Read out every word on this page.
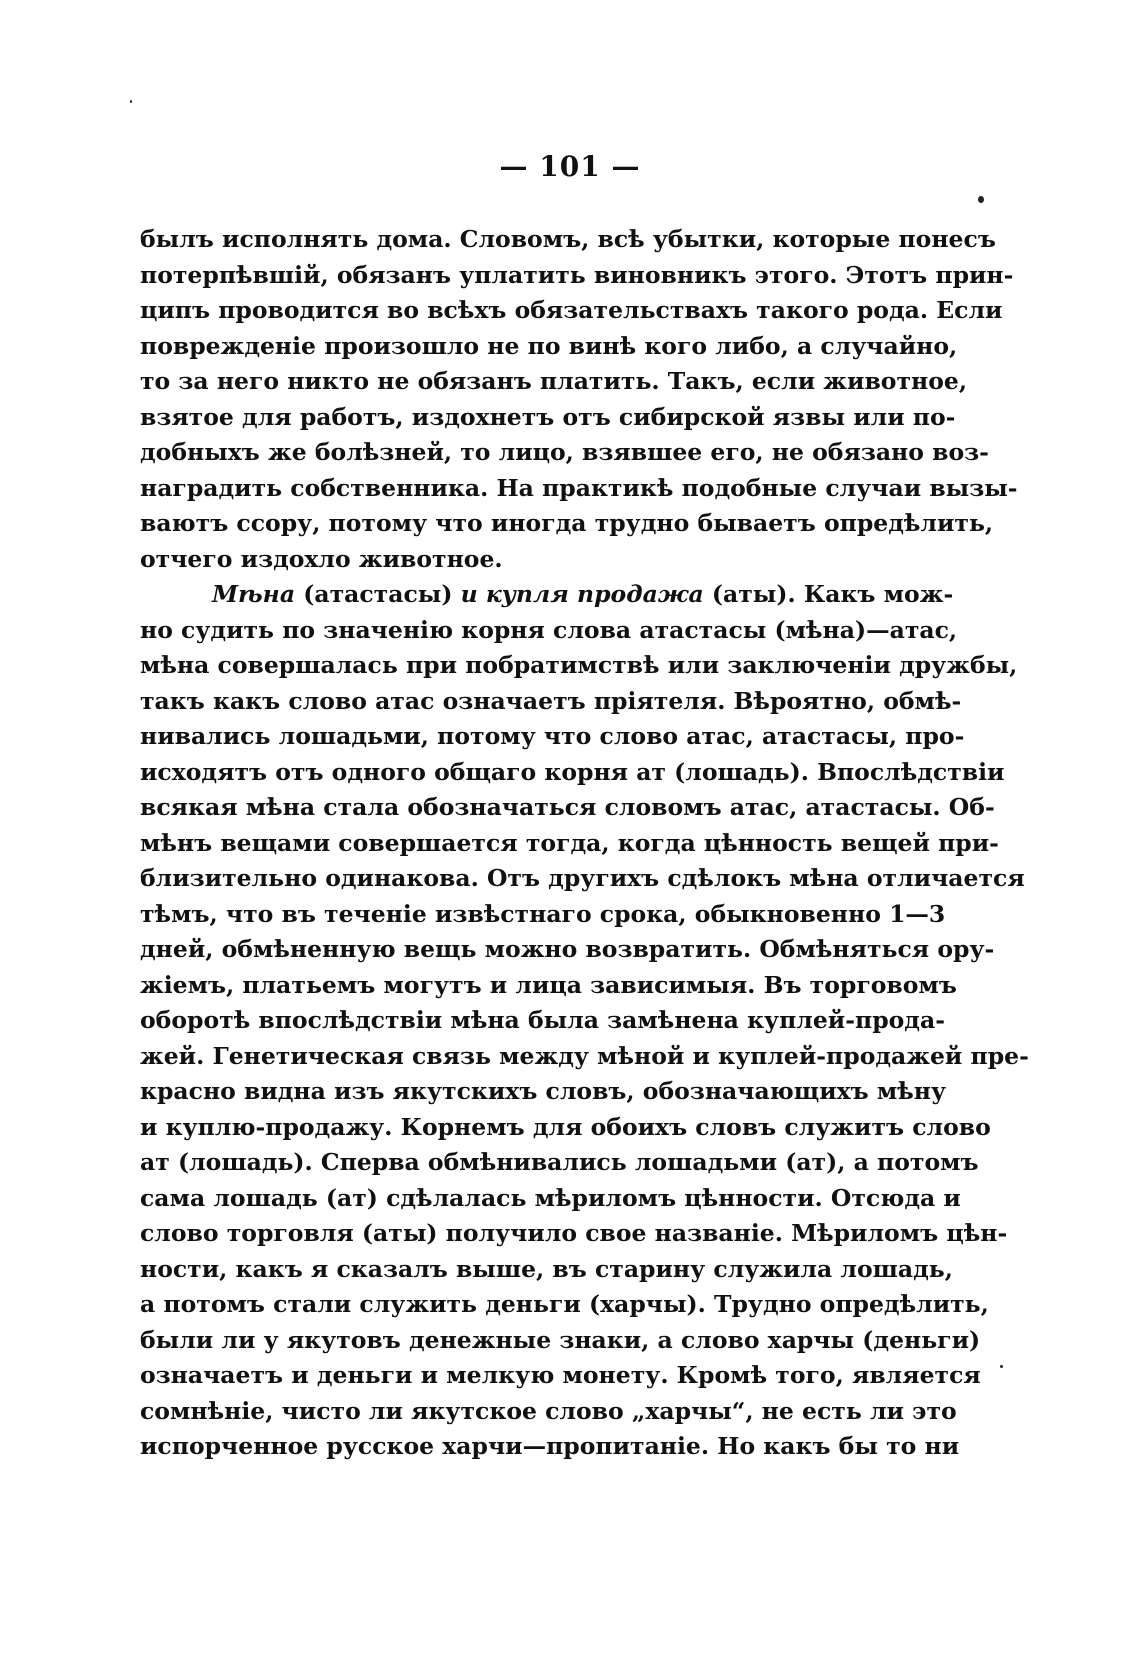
— 101 —
былъ исполнять дома. Словомъ, всѣ убытки, которые понесъ
потерпѣвшій, обязанъ уплатить виновникъ этого. Этотъ прин-
ципъ проводится во всѣхъ обязательствахъ такого рода. Если
повреждeніе произошло не по винѣ кого либо, а случайно,
то за него никто не обязанъ платить. Такъ, если животное,
взятое для работъ, издохнетъ отъ сибирской язвы или по-
добныхъ же болѣзней, то лицо, взявшее его, не обязано воз-
наградить собственника. На практикѣ подобные случаи вызы-
ваютъ ссору, потому что иногда трудно бываетъ опредѣлить,
отчего издохло животное.
Мѣна (атастасы) и купля продажа (аты). Какъ мож-
но судить по значенію корня слова атастасы (мѣна)—атас,
мѣна совершалась при побратимствѣ или заключеніи дружбы,
такъ какъ слово атас означаетъ пріятеля. Вѣроятно, обмѣ-
нивались лошадьми, потому что слово атас, атастасы, про-
исходятъ отъ одного общаго корня ат (лошадь). Впослѣдствіи
всякая мѣна стала обозначаться словомъ атас, атастасы. Об-
мѣнъ вещами совершается тогда, когда цѣнность вещей при-
близительно одинакова. Отъ другихъ сдѣлокъ мѣна отличается
тѣмъ, что въ теченіе извѣстнаго срока, обыкновенно 1—3
дней, обмѣненную вещь можно возвратить. Обмѣняться ору-
жіемъ, платьемъ могутъ и лица зависимыя. Въ торговомъ
оборотѣ впослѣдствіи мѣна была замѣнена куплей-прода-
жей. Генетическая связь между мѣной и куплей-продажей пре-
красно видна изъ якутскихъ словъ, обозначающихъ мѣну
и куплю-продажу. Корнемъ для обоихъ словъ служитъ слово
ат (лошадь). Сперва обмѣнивались лошадьми (ат), а потомъ
сама лошадь (ат) сдѣлалась мѣриломъ цѣнности. Отсюда и
слово торговля (аты) получило свое названіе. Мѣриломъ цѣн-
ности, какъ я сказалъ выше, въ старину служила лошадь,
а потомъ стали служить деньги (харчы). Трудно опредѣлить,
были ли у якутовъ денежные знаки, а слово харчы (деньги)
означаетъ и деньги и мелкую монету. Кромѣ того, является
сомнѣніе, чисто ли якутское слово „харчы“, не есть ли это
испорченное русское харчи—пропитаніе. Но какъ бы то ни
